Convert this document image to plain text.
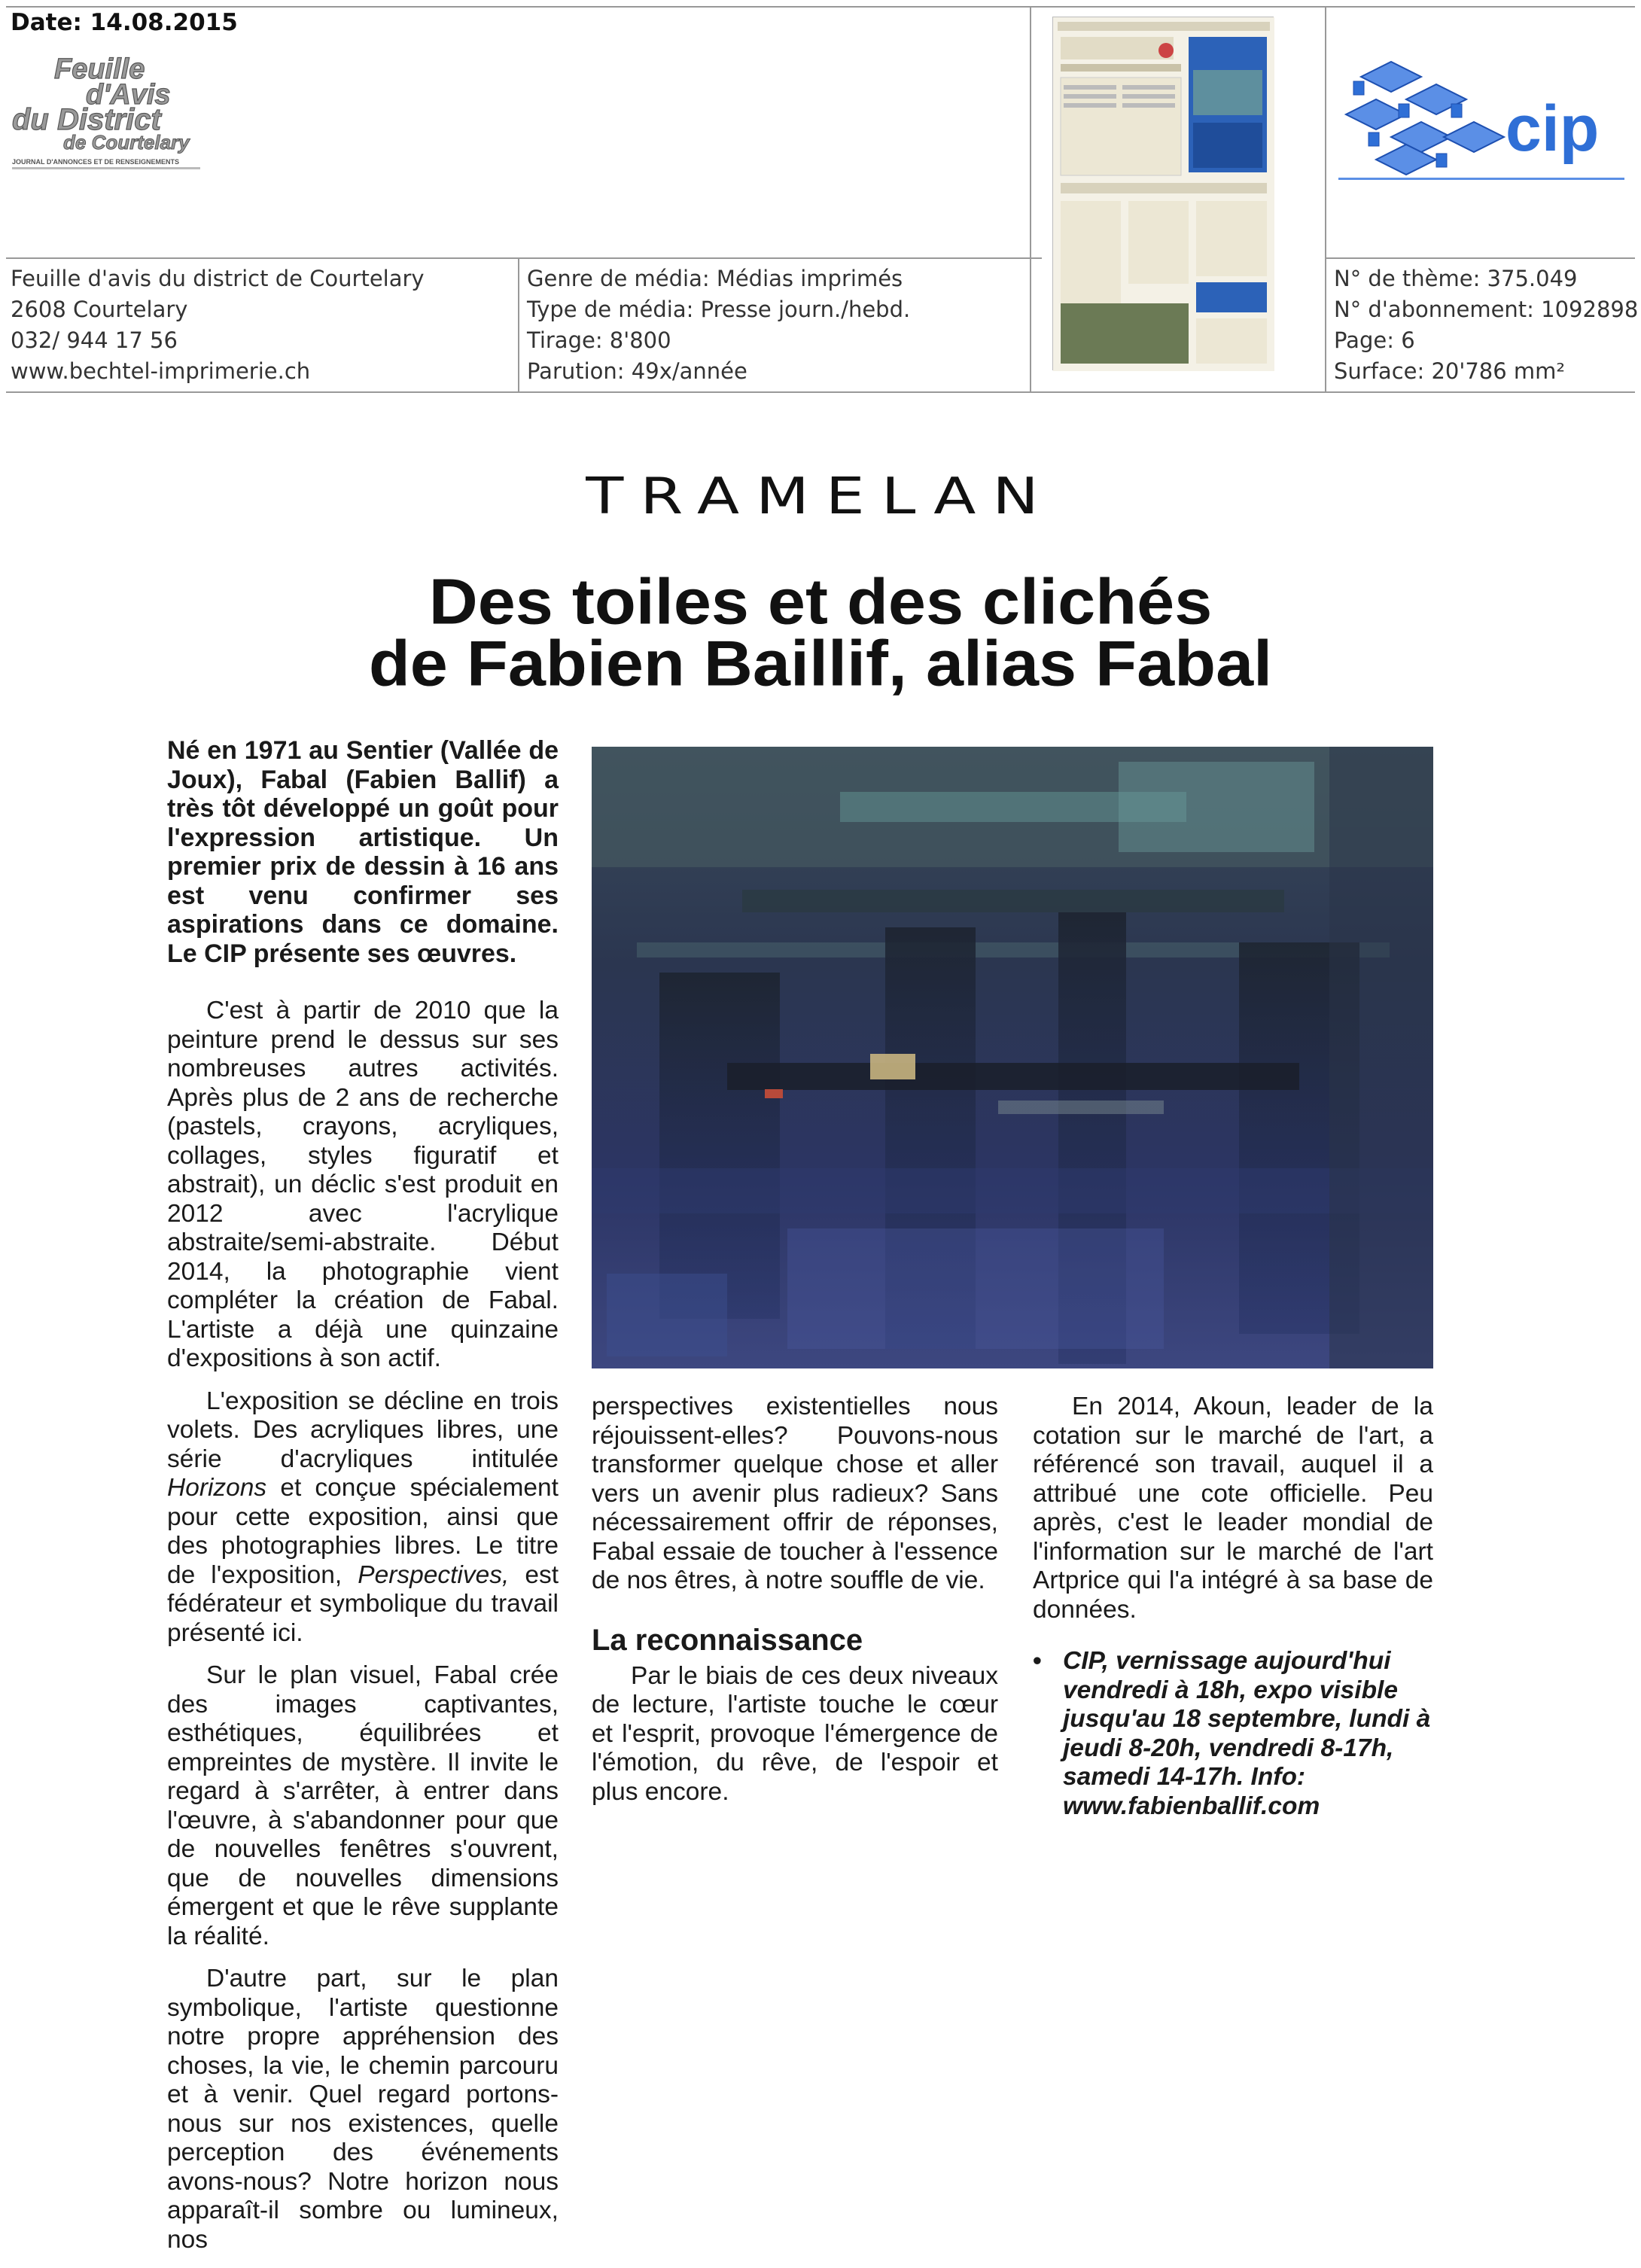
Date: 14.08.2015
Feuille
d'Avis
du District
de Courtelary
JOURNAL D'ANNONCES ET DE RENSEIGNEMENTS	cip
Feuille d'avis du district de Courtelary
2608 Courtelary
032/ 944 17 56
www.bechtel-imprimerie.ch
Genre de média: Médias imprimés
Type de média: Presse journ./hebd.
Tirage: 8'800
Parution: 49x/année
N° de thème: 375.049
N° d'abonnement: 1092898
Page: 6
Surface: 20'786 mm²
TRAMELAN
Des toiles et des clichés
de Fabien Baillif, alias Fabal

Né en 1971 au Sentier (Vallée de Joux), Fabal (Fabien Ballif) a très tôt développé un goût pour l'expression artistique. Un premier prix de dessin à 16 ans est venu confirmer ses aspirations dans ce domaine. Le CIP présente ses œuvres.

C'est à partir de 2010 que la peinture prend le dessus sur ses nombreuses autres activités. Après plus de 2 ans de recherche (pastels, crayons, acryliques, collages, styles figuratif et abstrait), un déclic s'est produit en 2012 avec l'acrylique abstraite/semi-abstraite. Début 2014, la photographie vient compléter la création de Fabal. L'artiste a déjà une quinzaine d'expositions à son actif.

L'exposition se décline en trois volets. Des acryliques libres, une série d'acryliques intitulée Horizons et conçue spécialement pour cette exposition, ainsi que des photographies libres. Le titre de l'exposition, Perspectives, est fédérateur et symbolique du travail présenté ici.

Sur le plan visuel, Fabal crée des images captivantes, esthétiques, équilibrées et empreintes de mystère. Il invite le regard à s'arrêter, à entrer dans l'œuvre, à s'abandonner pour que de nouvelles fenêtres s'ouvrent, que de nouvelles dimensions émergent et que le rêve supplante la réalité.

D'autre part, sur le plan symbolique, l'artiste questionne notre propre appréhension des choses, la vie, le chemin parcouru et à venir. Quel regard portons-nous sur nos existences, quelle perception des événements avons-nous? Notre horizon nous apparaît-il sombre ou lumineux, nos

perspectives existentielles nous réjouissent-elles? Pouvons-nous transformer quelque chose et aller vers un avenir plus radieux? Sans nécessairement offrir de réponses, Fabal essaie de toucher à l'essence de nos êtres, à notre souffle de vie.

La reconnaissance

Par le biais de ces deux niveaux de lecture, l'artiste touche le cœur et l'esprit, provoque l'émergence de l'émotion, du rêve, de l'espoir et plus encore.

En 2014, Akoun, leader de la cotation sur le marché de l'art, a référencé son travail, auquel il a attribué une cote officielle. Peu après, c'est le leader mondial de l'information sur le marché de l'art Artprice qui l'a intégré à sa base de données.

• CIP, vernissage aujourd'hui vendredi à 18h, expo visible jusqu'au 18 septembre, lundi à jeudi 8-20h, vendredi 8-17h, samedi 14-17h. Info: www.fabienballif.com
